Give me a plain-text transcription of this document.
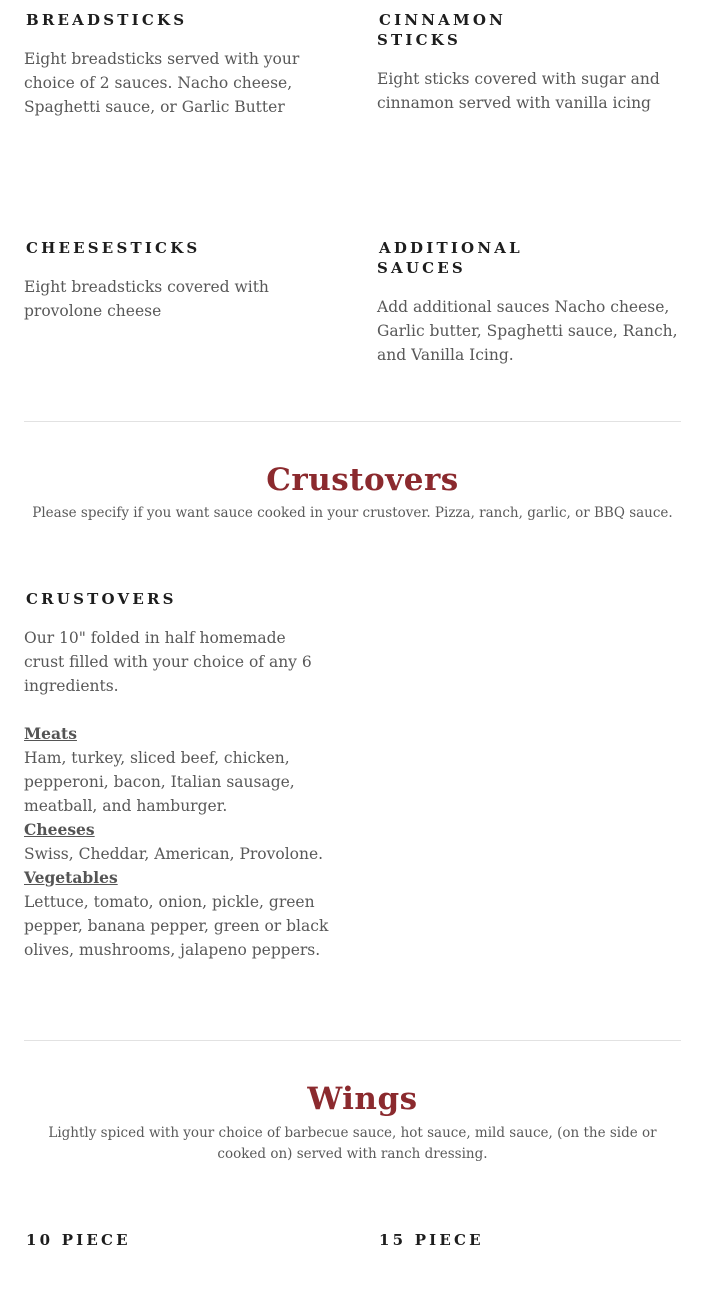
BREADSTICKS
Eight breadsticks served with your choice of 2 sauces. Nacho cheese, Spaghetti sauce, or Garlic Butter
CINNAMON
STICKS
Eight sticks covered with sugar and cinnamon served with vanilla icing
CHEESESTICKS
Eight breadsticks covered with provolone cheese
ADDITIONAL
SAUCES
Add additional sauces Nacho cheese, Garlic butter, Spaghetti sauce, Ranch, and Vanilla Icing.
Crustovers
Please specify if you want sauce cooked in your crustover. Pizza, ranch, garlic, or BBQ sauce.
CRUSTOVERS
Our 10" folded in half homemade crust filled with your choice of any 6 ingredients.
Meats
Ham, turkey, sliced beef, chicken, pepperoni, bacon, Italian sausage, meatball, and hamburger.
Cheeses
Swiss, Cheddar, American, Provolone.
Vegetables
Lettuce, tomato, onion, pickle, green pepper, banana pepper, green or black olives, mushrooms, jalapeno peppers.
Wings
Lightly spiced with your choice of barbecue sauce, hot sauce, mild sauce, (on the side or cooked on) served with ranch dressing.
10 PIECE	15 PIECE
